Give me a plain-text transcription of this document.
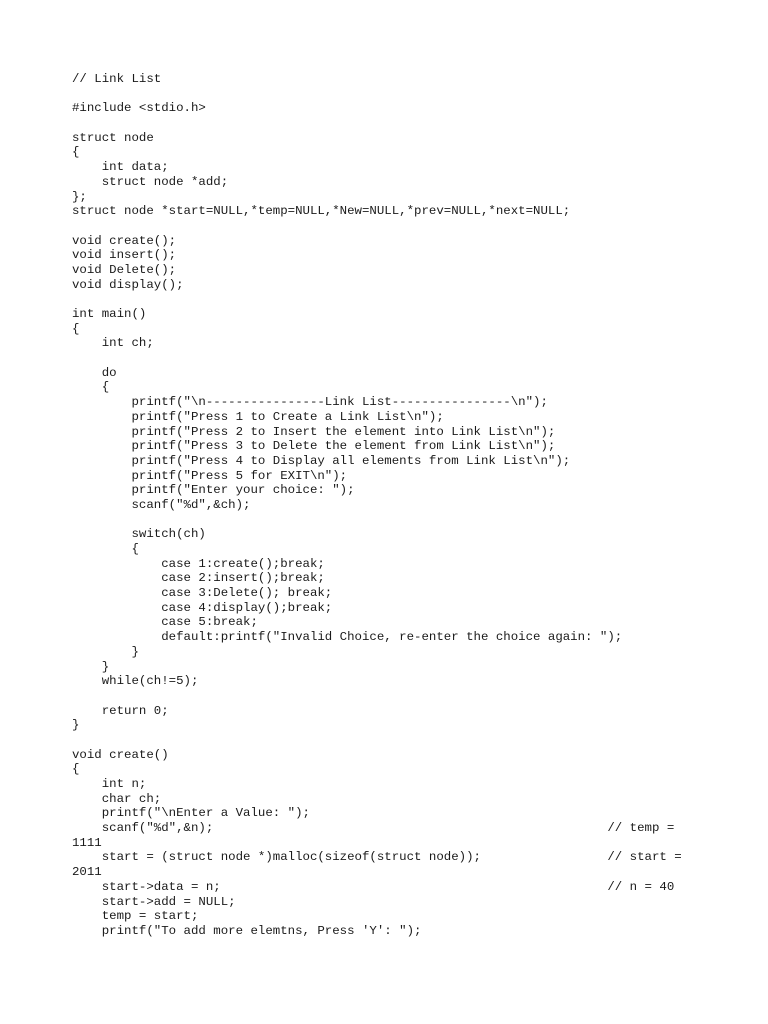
// Link List
#include <stdio.h>
struct node
{
int data;
struct node *add;
};
struct node *start=NULL,*temp=NULL,*New=NULL,*prev=NULL,*next=NULL;
void create();
void insert();
void Delete();
void display();
int main()
{
int ch;
do
{
printf("\n----------------Link List----------------\n");
printf("Press 1 to Create a Link List\n");
printf("Press 2 to Insert the element into Link List\n");
printf("Press 3 to Delete the element from Link List\n");
printf("Press 4 to Display all elements from Link List\n");
printf("Press 5 for EXIT\n");
printf("Enter your choice: ");
scanf("%d",&ch);
switch(ch)
{
case 1:create();break;
case 2:insert();break;
case 3:Delete(); break;
case 4:display();break;
case 5:break;
default:printf("Invalid Choice, re-enter the choice again: ");
}
}
while(ch!=5);
return 0;
}
void create()
{
int n;
char ch;
printf("\nEnter a Value: ");
scanf("%d",&n);                                                     // temp =
1111
start = (struct node *)malloc(sizeof(struct node));                 // start =
2011
start->data = n;                                                    // n = 40
start->add = NULL;
temp = start;
printf("To add more elemtns, Press 'Y': ");
